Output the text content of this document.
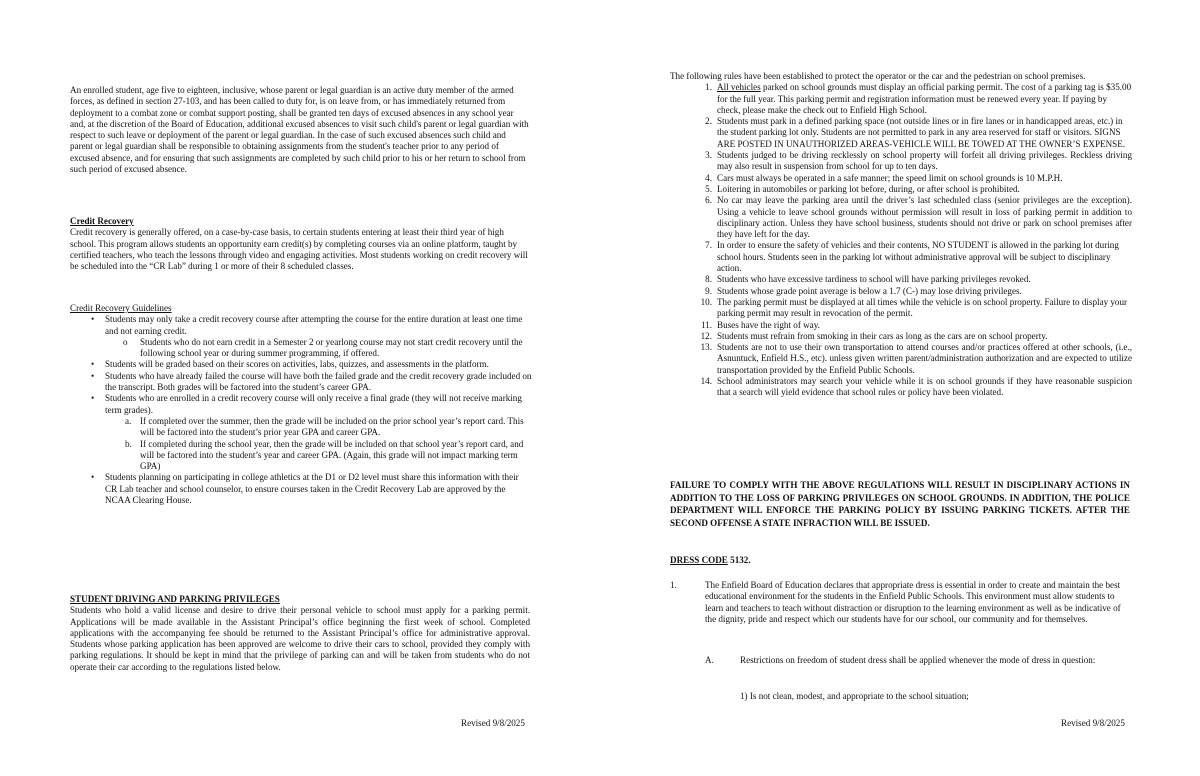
An enrolled student, age five to eighteen, inclusive, whose parent or legal guardian is an active duty member of the armed forces, as defined in section 27-103, and has been called to duty for, is on leave from, or has immediately returned from deployment to a combat zone or combat support posting, shall be granted ten days of excused absences in any school year and, at the discretion of the Board of Education, additional excused absences to visit such child's parent or legal guardian with respect to such leave or deployment of the parent or legal guardian. In the case of such excused absences such child and parent or legal guardian shall be responsible to obtaining assignments from the student's teacher prior to any period of excused absence, and for ensuring that such assignments are completed by such child prior to his or her return to school from such period of excused absence.
Credit Recovery
Credit recovery is generally offered, on a case-by-case basis, to certain students entering at least their third year of high school. This program allows students an opportunity earn credit(s) by completing courses via an online platform, taught by certified teachers, who teach the lessons through video and engaging activities. Most students working on credit recovery will be scheduled into the “CR Lab” during 1 or more of their 8 scheduled classes.
Credit Recovery Guidelines
• Students may only take a credit recovery course after attempting the course for the entire duration at least one time and not earning credit.
o Students who do not earn credit in a Semester 2 or yearlong course may not start credit recovery until the following school year or during summer programming, if offered.
• Students will be graded based on their scores on activities, labs, quizzes, and assessments in the platform.
• Students who have already failed the course will have both the failed grade and the credit recovery grade included on the transcript. Both grades will be factored into the student’s career GPA.
• Students who are enrolled in a credit recovery course will only receive a final grade (they will not receive marking term grades).
a. If completed over the summer, then the grade will be included on the prior school year’s report card. This will be factored into the student’s prior year GPA and career GPA.
b. If completed during the school year, then the grade will be included on that school year’s report card, and will be factored into the student’s year and career GPA. (Again, this grade will not impact marking term GPA)
• Students planning on participating in college athletics at the D1 or D2 level must share this information with their CR Lab teacher and school counselor, to ensure courses taken in the Credit Recovery Lab are approved by the NCAA Clearing House.
STUDENT DRIVING AND PARKING PRIVILEGES
Students who hold a valid license and desire to drive their personal vehicle to school must apply for a parking permit. Applications will be made available in the Assistant Principal’s office beginning the first week of school. Completed applications with the accompanying fee should be returned to the Assistant Principal’s office for administrative approval. Students whose parking application has been approved are welcome to drive their cars to school, provided they comply with parking regulations. It should be kept in mind that the privilege of parking can and will be taken from students who do not operate their car according to the regulations listed below.
Revised 9/8/2025
The following rules have been established to protect the operator or the car and the pedestrian on school premises.
1. All vehicles parked on school grounds must display an official parking permit. The cost of a parking tag is $35.00 for the full year. This parking permit and registration information must be renewed every year. If paying by check, please make the check out to Enfield High School.
2. Students must park in a defined parking space (not outside lines or in fire lanes or in handicapped areas, etc.) in the student parking lot only. Students are not permitted to park in any area reserved for staff or visitors. SIGNS ARE POSTED IN UNAUTHORIZED AREAS-VEHICLE WILL BE TOWED AT THE OWNER’S EXPENSE.
3. Students judged to be driving recklessly on school property will forfeit all driving privileges. Reckless driving may also result in suspension from school for up to ten days.
4. Cars must always be operated in a safe manner; the speed limit on school grounds is 10 M.P.H.
5. Loitering in automobiles or parking lot before, during, or after school is prohibited.
6. No car may leave the parking area until the driver’s last scheduled class (senior privileges are the exception). Using a vehicle to leave school grounds without permission will result in loss of parking permit in addition to disciplinary action. Unless they have school business, students should not drive or park on school premises after they have left for the day.
7. In order to ensure the safety of vehicles and their contents, NO STUDENT is allowed in the parking lot during school hours. Students seen in the parking lot without administrative approval will be subject to disciplinary action.
8. Students who have excessive tardiness to school will have parking privileges revoked.
9. Students whose grade point average is below a 1.7 (C-) may lose driving privileges.
10. The parking permit must be displayed at all times while the vehicle is on school property. Failure to display your parking permit may result in revocation of the permit.
11. Buses have the right of way.
12. Students must refrain from smoking in their cars as long as the cars are on school property.
13. Students are not to use their own transportation to attend courses and/or practices offered at other schools, (i.e., Asnuntuck, Enfield H.S., etc). unless given written parent/administration authorization and are expected to utilize transportation provided by the Enfield Public Schools.
14. School administrators may search your vehicle while it is on school grounds if they have reasonable suspicion that a search will yield evidence that school rules or policy have been violated.
FAILURE TO COMPLY WITH THE ABOVE REGULATIONS WILL RESULT IN DISCIPLINARY ACTIONS IN ADDITION TO THE LOSS OF PARKING PRIVILEGES ON SCHOOL GROUNDS. IN ADDITION, THE POLICE DEPARTMENT WILL ENFORCE THE PARKING POLICY BY ISSUING PARKING TICKETS. AFTER THE SECOND OFFENSE A STATE INFRACTION WILL BE ISSUED.
DRESS CODE 5132.
1.	The Enfield Board of Education declares that appropriate dress is essential in order to create and maintain the best educational environment for the students in the Enfield Public Schools. This environment must allow students to learn and teachers to teach without distraction or disruption to the learning environment as well as be indicative of the dignity, pride and respect which our students have for our school, our community and for themselves.
A.	Restrictions on freedom of student dress shall be applied whenever the mode of dress in question:
1) Is not clean, modest, and appropriate to the school situation;
Revised 9/8/2025
